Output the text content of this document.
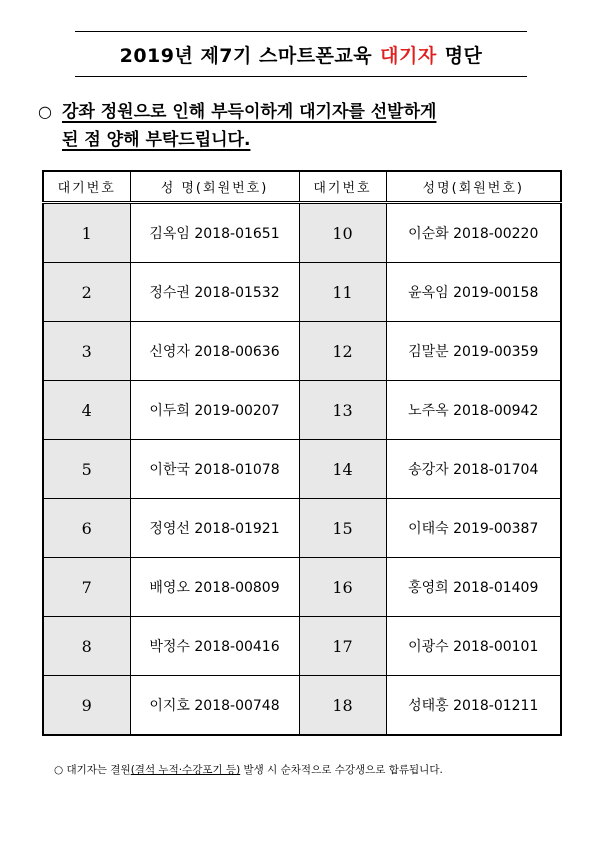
2019년 제7기 스마트폰교육 대기자 명단
○ 강좌 정원으로 인해 부득이하게 대기자를 선발하게
된 점 양해 부탁드립니다.
대기번호	성 명(회원번호)	대기번호	성명(회원번호)
1	김옥임 2018-01651	10	이순화 2018-00220
2	정수권 2018-01532	11	윤옥임 2019-00158
3	신영자 2018-00636	12	김말분 2019-00359
4	이두희 2019-00207	13	노주옥 2018-00942
5	이한국 2018-01078	14	송강자 2018-01704
6	정영선 2018-01921	15	이태숙 2019-00387
7	배영오 2018-00809	16	홍영희 2018-01409
8	박정수 2018-00416	17	이광수 2018-00101
9	이지호 2018-00748	18	성태홍 2018-01211
○ 대기자는 결원(결석 누적·수강포기 등) 발생 시 순차적으로 수강생으로 합류됩니다.
